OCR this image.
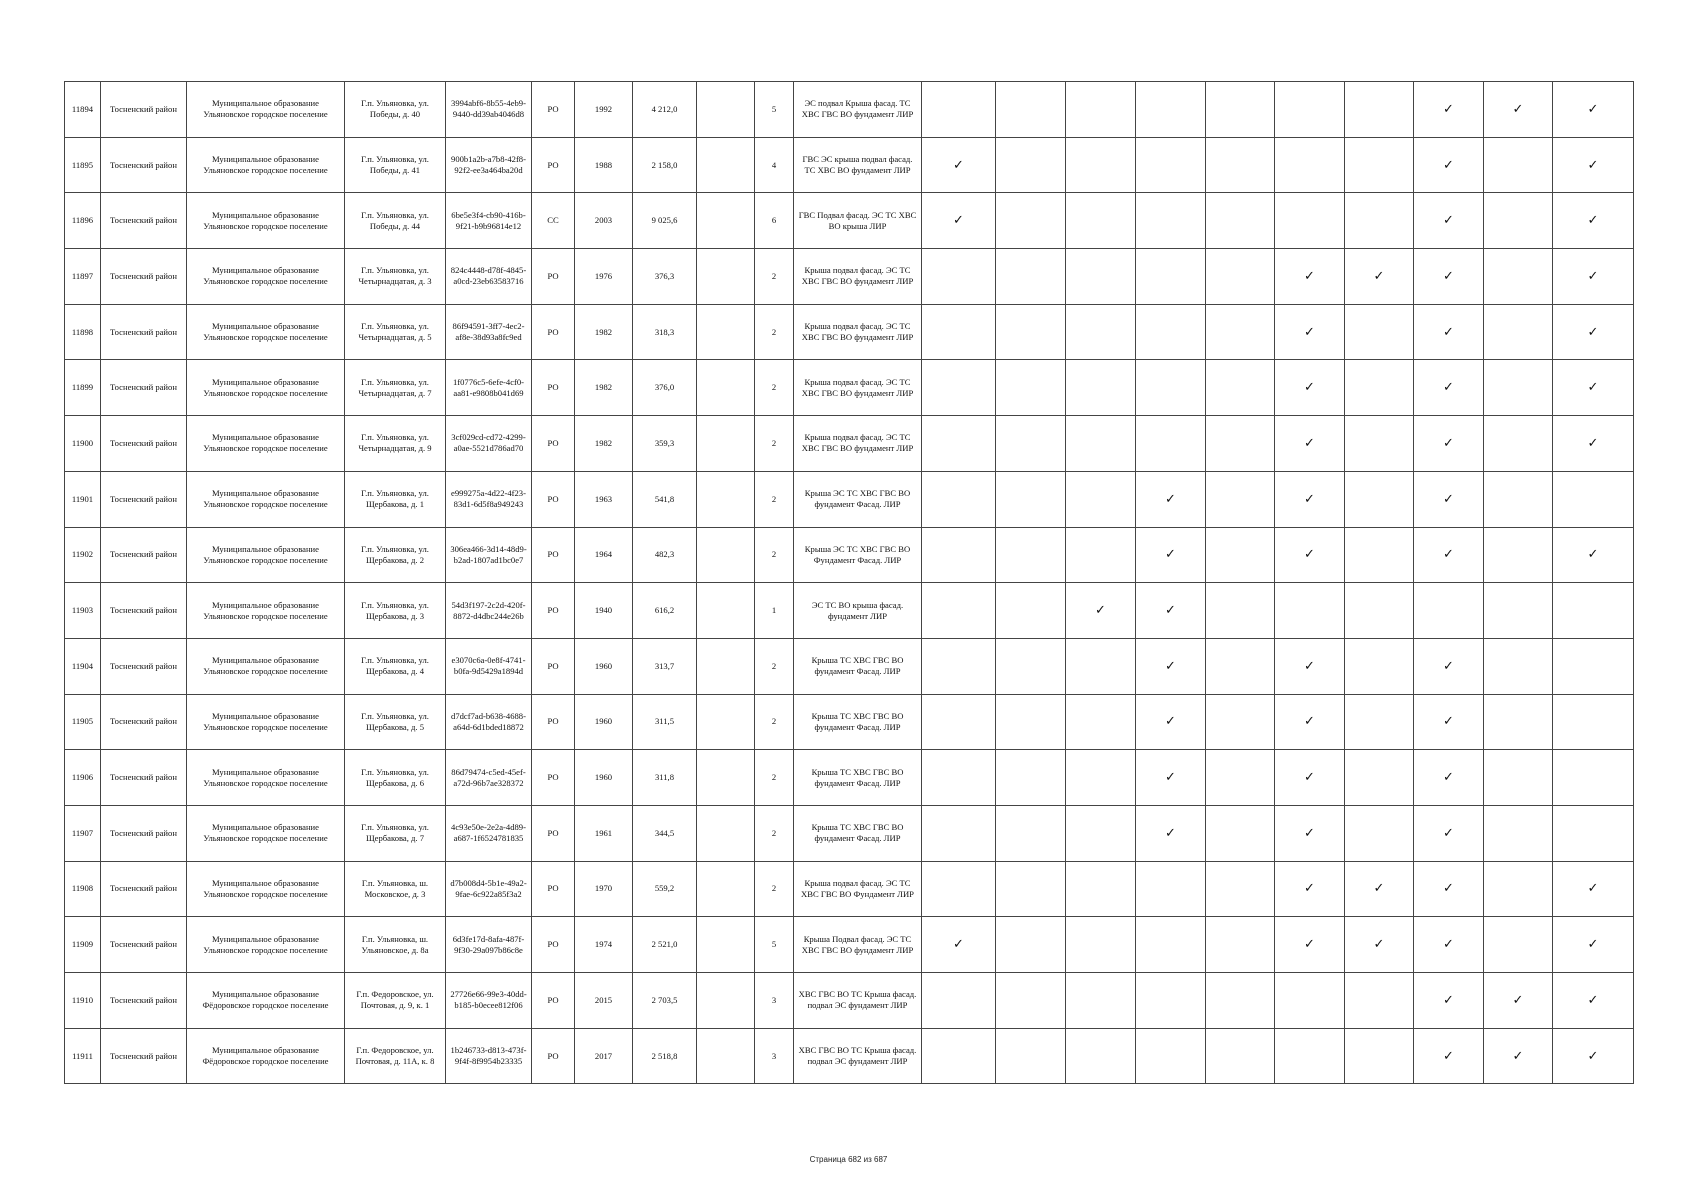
11894	Тосненский район	Муниципальное образование Ульяновское городское поселение	Г.п. Ульяновка, ул. Победы, д. 40	3994abf6-8b55-4eb9-9440-dd39ab4046d8	РО	1992	4 212,0		5	ЭС подвал Крыша фасад. ТС ХВС ГВС ВО фундамент ЛИР								✓	✓	✓
11895	Тосненский район	Муниципальное образование Ульяновское городское поселение	Г.п. Ульяновка, ул. Победы, д. 41	900b1a2b-a7b8-42f8-92f2-ee3a464ba20d	РО	1988	2 158,0		4	ГВС ЭС крыша подвал фасад. ТС ХВС ВО фундамент ЛИР	✓							✓		✓
11896	Тосненский район	Муниципальное образование Ульяновское городское поселение	Г.п. Ульяновка, ул. Победы, д. 44	6be5e3f4-cb90-416b-9f21-b9b96814e12	СС	2003	9 025,6		6	ГВС Подвал фасад. ЭС ТС ХВС ВО крыша ЛИР	✓							✓		✓
11897	Тосненский район	Муниципальное образование Ульяновское городское поселение	Г.п. Ульяновка, ул. Четырнадцатая, д. 3	824c4448-d78f-4845-a0cd-23eb63583716	РО	1976	376,3		2	Крыша подвал фасад. ЭС ТС ХВС ГВС ВО фундамент ЛИР						✓	✓	✓		✓
11898	Тосненский район	Муниципальное образование Ульяновское городское поселение	Г.п. Ульяновка, ул. Четырнадцатая, д. 5	86f94591-3ff7-4ec2-af8e-38d93a8fc9ed	РО	1982	318,3		2	Крыша подвал фасад. ЭС ТС ХВС ГВС ВО фундамент ЛИР						✓		✓		✓
11899	Тосненский район	Муниципальное образование Ульяновское городское поселение	Г.п. Ульяновка, ул. Четырнадцатая, д. 7	1f0776c5-6efe-4cf0-aa81-e9808b041d69	РО	1982	376,0		2	Крыша подвал фасад. ЭС ТС ХВС ГВС ВО фундамент ЛИР						✓		✓		✓
11900	Тосненский район	Муниципальное образование Ульяновское городское поселение	Г.п. Ульяновка, ул. Четырнадцатая, д. 9	3cf029cd-cd72-4299-a0ae-5521d786ad70	РО	1982	359,3		2	Крыша подвал фасад. ЭС ТС ХВС ГВС ВО фундамент ЛИР						✓		✓		✓
11901	Тосненский район	Муниципальное образование Ульяновское городское поселение	Г.п. Ульяновка, ул. Щербакова, д. 1	e999275a-4d22-4f23-83d1-6d5f8a949243	РО	1963	541,8		2	Крыша ЭС ТС ХВС ГВС ВО фундамент Фасад. ЛИР				✓		✓		✓		
11902	Тосненский район	Муниципальное образование Ульяновское городское поселение	Г.п. Ульяновка, ул. Щербакова, д. 2	306ea466-3d14-48d9-b2ad-1807ad1bc0e7	РО	1964	482,3		2	Крыша ЭС ТС ХВС ГВС ВО Фундамент Фасад. ЛИР				✓		✓		✓		✓
11903	Тосненский район	Муниципальное образование Ульяновское городское поселение	Г.п. Ульяновка, ул. Щербакова, д. 3	54d3f197-2c2d-420f-8872-d4dbc244e26b	РО	1940	616,2		1	ЭС ТС ВО крыша фасад. фундамент ЛИР			✓	✓						
11904	Тосненский район	Муниципальное образование Ульяновское городское поселение	Г.п. Ульяновка, ул. Щербакова, д. 4	e3070c6a-0e8f-4741-b0fa-9d5429a1894d	РО	1960	313,7		2	Крыша ТС ХВС ГВС ВО фундамент Фасад. ЛИР				✓		✓		✓		
11905	Тосненский район	Муниципальное образование Ульяновское городское поселение	Г.п. Ульяновка, ул. Щербакова, д. 5	d7dcf7ad-b638-4688-a64d-6d1bded18872	РО	1960	311,5		2	Крыша ТС ХВС ГВС ВО фундамент Фасад. ЛИР				✓		✓		✓		
11906	Тосненский район	Муниципальное образование Ульяновское городское поселение	Г.п. Ульяновка, ул. Щербакова, д. 6	86d79474-c5ed-45ef-a72d-96b7ae328372	РО	1960	311,8		2	Крыша ТС ХВС ГВС ВО фундамент Фасад. ЛИР				✓		✓		✓		
11907	Тосненский район	Муниципальное образование Ульяновское городское поселение	Г.п. Ульяновка, ул. Щербакова, д. 7	4c93e50e-2e2a-4d89-a687-1f6524781835	РО	1961	344,5		2	Крыша ТС ХВС ГВС ВО фундамент Фасад. ЛИР				✓		✓		✓		
11908	Тосненский район	Муниципальное образование Ульяновское городское поселение	Г.п. Ульяновка, ш. Московское, д. 3	d7b008d4-5b1e-49a2-9fae-6c922a85f3a2	РО	1970	559,2		2	Крыша подвал фасад. ЭС ТС ХВС ГВС ВО Фундамент ЛИР						✓	✓	✓		✓
11909	Тосненский район	Муниципальное образование Ульяновское городское поселение	Г.п. Ульяновка, ш. Ульяновское, д. 8а	6d3fe17d-8afa-487f-9f30-29a097b86c8e	РО	1974	2 521,0		5	Крыша Подвал фасад. ЭС ТС ХВС ГВС ВО фундамент ЛИР	✓					✓	✓	✓		✓
11910	Тосненский район	Муниципальное образование Фёдоровское городское поселение	Г.п. Федоровское, ул. Почтовая, д. 9, к. 1	27726e66-99e3-40dd-b185-b0ecee812f06	РО	2015	2 703,5		3	ХВС ГВС ВО ТС Крыша фасад. подвал ЭС фундамент ЛИР								✓	✓	✓
11911	Тосненский район	Муниципальное образование Фёдоровское городское поселение	Г.п. Федоровское, ул. Почтовая, д. 11А, к. 8	1b246733-d813-473f-9f4f-8f9954b23335	РО	2017	2 518,8		3	ХВС ГВС ВО ТС Крыша фасад. подвал ЭС фундамент ЛИР								✓	✓	✓
Страница 682 из 687
